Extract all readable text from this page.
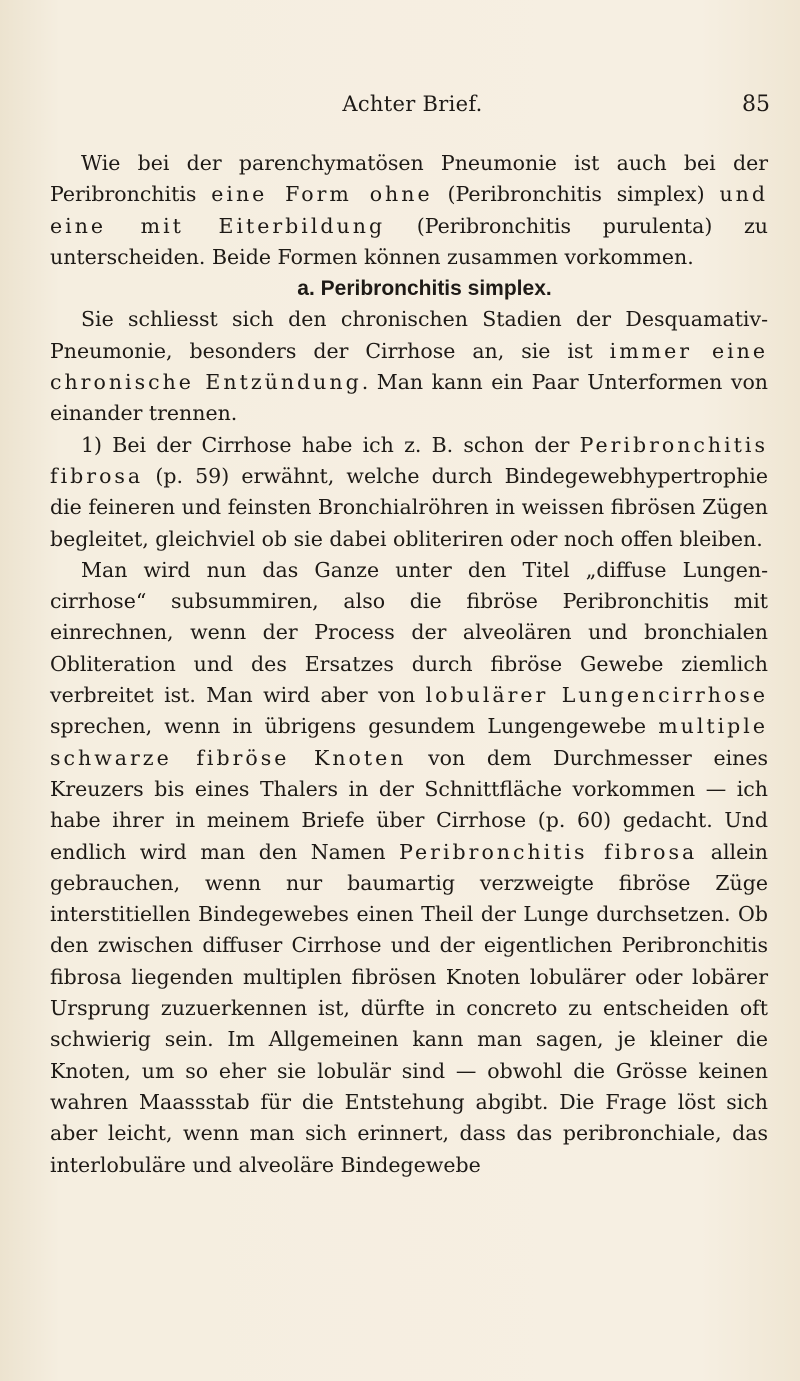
Achter Brief.	85

Wie bei der parenchymatösen Pneumonie ist auch bei der Peribronchitis eine Form ohne (Peribronchitis simplex) und eine mit Eiterbildung (Peribronchitis purulenta) zu unterscheiden. Beide Formen können zusammen vorkommen.

a. Peribronchitis simplex.

Sie schliesst sich den chronischen Stadien der Desquamativ-Pneumonie, besonders der Cirrhose an, sie ist immer eine chronische Entzündung. Man kann ein Paar Unterformen von einander trennen.

1) Bei der Cirrhose habe ich z. B. schon der Peribronchitis fibrosa (p. 59) erwähnt, welche durch Bindegewebhypertrophie die feineren und feinsten Bronchialröhren in weissen fibrösen Zügen begleitet, gleichviel ob sie dabei obliteriren oder noch offen bleiben.

Man wird nun das Ganze unter den Titel „diffuse Lungen-cirrhose“ subsummiren, also die fibröse Peribronchitis mit einrechnen, wenn der Process der alveolären und bronchialen Obliteration und des Ersatzes durch fibröse Gewebe ziemlich verbreitet ist. Man wird aber von lobulärer Lungencirrhose sprechen, wenn in übrigens gesundem Lungengewebe multiple schwarze fibröse Knoten von dem Durchmesser eines Kreuzers bis eines Thalers in der Schnittfläche vorkommen — ich habe ihrer in meinem Briefe über Cirrhose (p. 60) gedacht. Und endlich wird man den Namen Peribronchitis fibrosa allein gebrauchen, wenn nur baumartig verzweigte fibröse Züge interstitiellen Bindegewebes einen Theil der Lunge durchsetzen. Ob den zwischen diffuser Cirrhose und der eigentlichen Peribronchitis fibrosa liegenden multiplen fibrösen Knoten lobulärer oder lobärer Ursprung zuzuerkennen ist, dürfte in concreto zu entscheiden oft schwierig sein. Im Allgemeinen kann man sagen, je kleiner die Knoten, um so eher sie lobulär sind — obwohl die Grösse keinen wahren Maassstab für die Entstehung abgibt. Die Frage löst sich aber leicht, wenn man sich erinnert, dass das peribronchiale, das interlobuläre und alveoläre Bindegewebe
